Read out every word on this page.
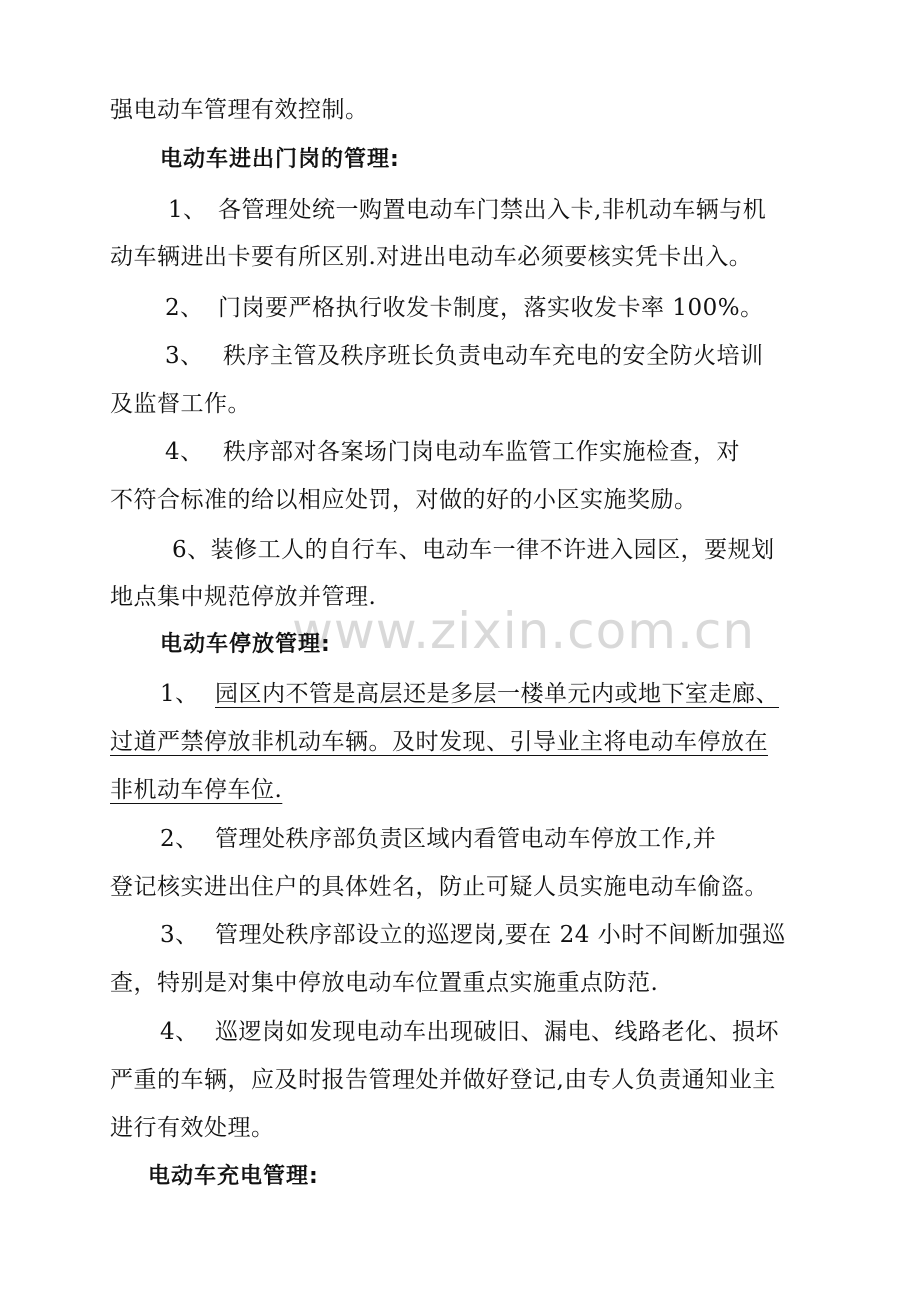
www.zixin.com.cn
强电动车管理有效控制。
电动车进出门岗的管理:
1、 各管理处统一购置电动车门禁出入卡,非机动车辆与机
动车辆进出卡要有所区别.对进出电动车必须要核实凭卡出入。
2、 门岗要严格执行收发卡制度，落实收发卡率 100%。
3、 秩序主管及秩序班长负责电动车充电的安全防火培训
及监督工作。
4、 秩序部对各案场门岗电动车监管工作实施检查，对
不符合标准的给以相应处罚，对做的好的小区实施奖励。
6、装修工人的自行车、电动车一律不许进入园区，要规划
地点集中规范停放并管理.
电动车停放管理:
1、 园区内不管是高层还是多层一楼单元内或地下室走廊、
过道严禁停放非机动车辆。及时发现、引导业主将电动车停放在
非机动车停车位.
2、 管理处秩序部负责区域内看管电动车停放工作,并
登记核实进出住户的具体姓名，防止可疑人员实施电动车偷盗。
3、 管理处秩序部设立的巡逻岗,要在 24 小时不间断加强巡
查，特别是对集中停放电动车位置重点实施重点防范.
4、 巡逻岗如发现电动车出现破旧、漏电、线路老化、损坏
严重的车辆，应及时报告管理处并做好登记,由专人负责通知业主
进行有效处理。
电动车充电管理:
